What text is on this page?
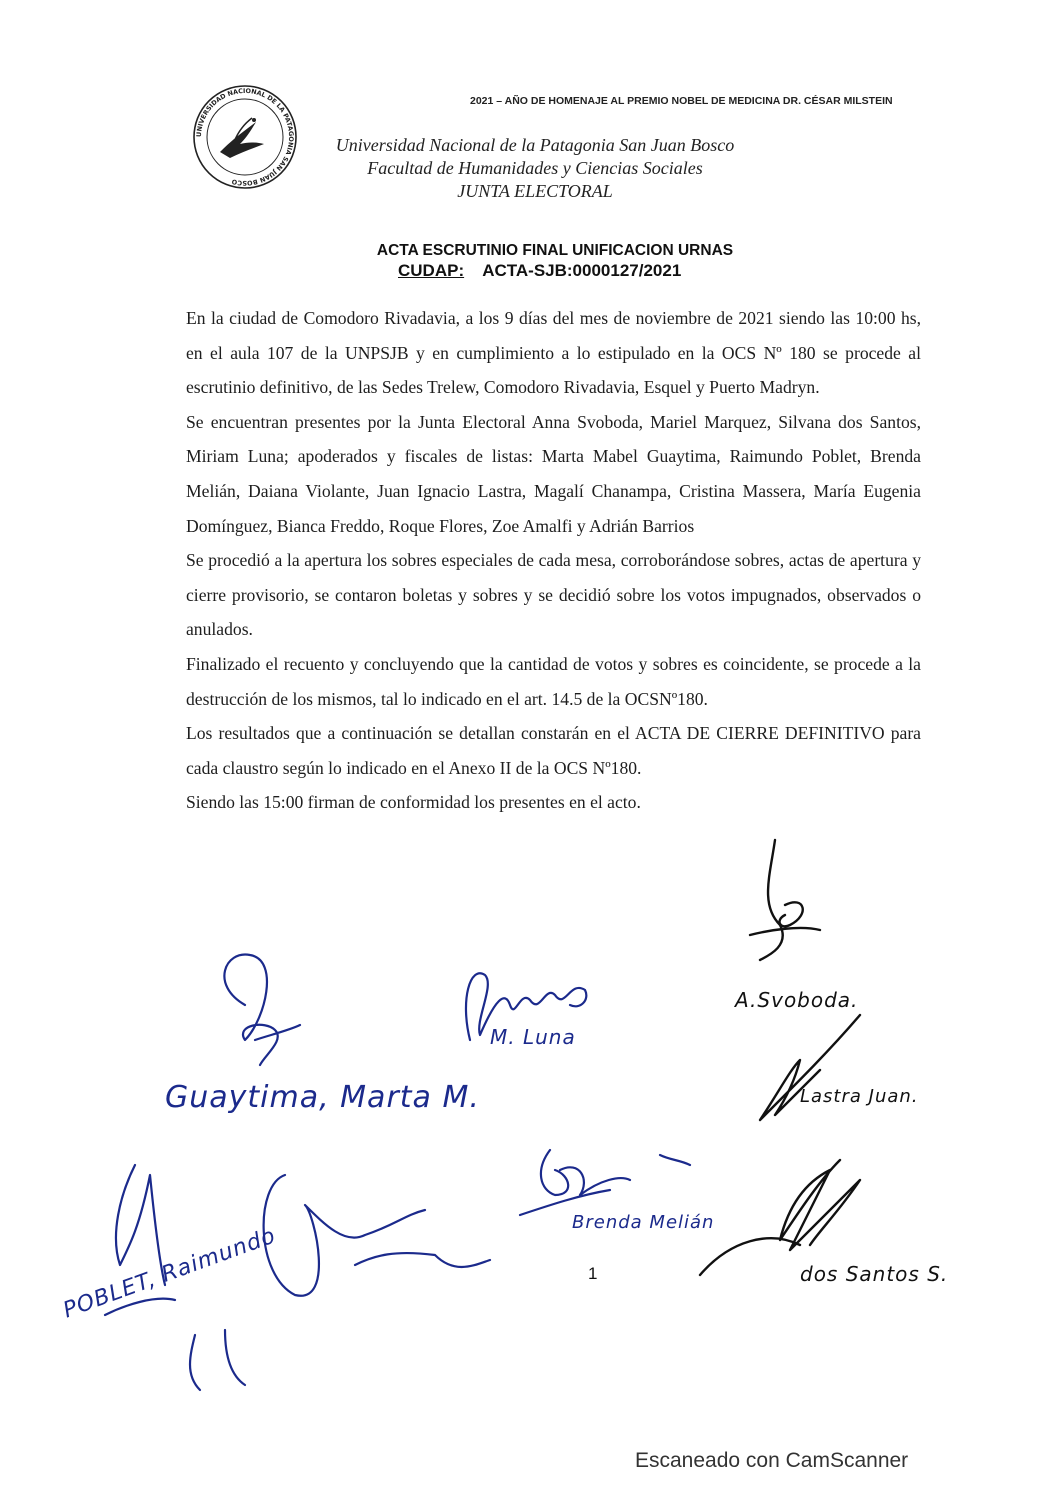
2021 – AÑO DE HOMENAJE AL PREMIO NOBEL DE MEDICINA DR. CÉSAR MILSTEIN
UNIVERSIDAD NACIONAL DE LA PATAGONIA SAN JUAN BOSCO
Universidad Nacional de la Patagonia San Juan Bosco
Facultad de Humanidades y Ciencias Sociales
JUNTA ELECTORAL
ACTA ESCRUTINIO FINAL UNIFICACION URNAS
CUDAP: ACTA-SJB:0000127/2021

En la ciudad de Comodoro Rivadavia, a los 9 días del mes de noviembre de 2021 siendo las 10:00 hs, en el aula 107 de la UNPSJB y en cumplimiento a lo estipulado en la OCS Nº 180 se procede al escrutinio definitivo, de las Sedes Trelew, Comodoro Rivadavia, Esquel y Puerto Madryn.

Se encuentran presentes por la Junta Electoral Anna Svoboda, Mariel Marquez, Silvana dos Santos, Miriam Luna; apoderados y fiscales de listas: Marta Mabel Guaytima, Raimundo Poblet, Brenda Melián, Daiana Violante, Juan Ignacio Lastra, Magalí Chanampa, Cristina Massera, María Eugenia Domínguez, Bianca Freddo, Roque Flores, Zoe Amalfi y Adrián Barrios

Se procedió a la apertura los sobres especiales de cada mesa, corroborándose sobres, actas de apertura y cierre provisorio, se contaron boletas y sobres y se decidió sobre los votos impugnados, observados o anulados.

Finalizado el recuento y concluyendo que la cantidad de votos y sobres es coincidente, se procede a la destrucción de los mismos, tal lo indicado en el art. 14.5 de la OCSNº180.

Los resultados que a continuación se detallan constarán en el ACTA DE CIERRE DEFINITIVO para cada claustro según lo indicado en el Anexo II de la OCS Nº180.

Siendo las 15:00 firman de conformidad los presentes en el acto.

Guaytima, Marta M.
M. Luna
A.Svoboda.
Lastra Juan.
Brenda Melián
dos Santos S.
POBLET, Raimundo	1
Escaneado con CamScanner
